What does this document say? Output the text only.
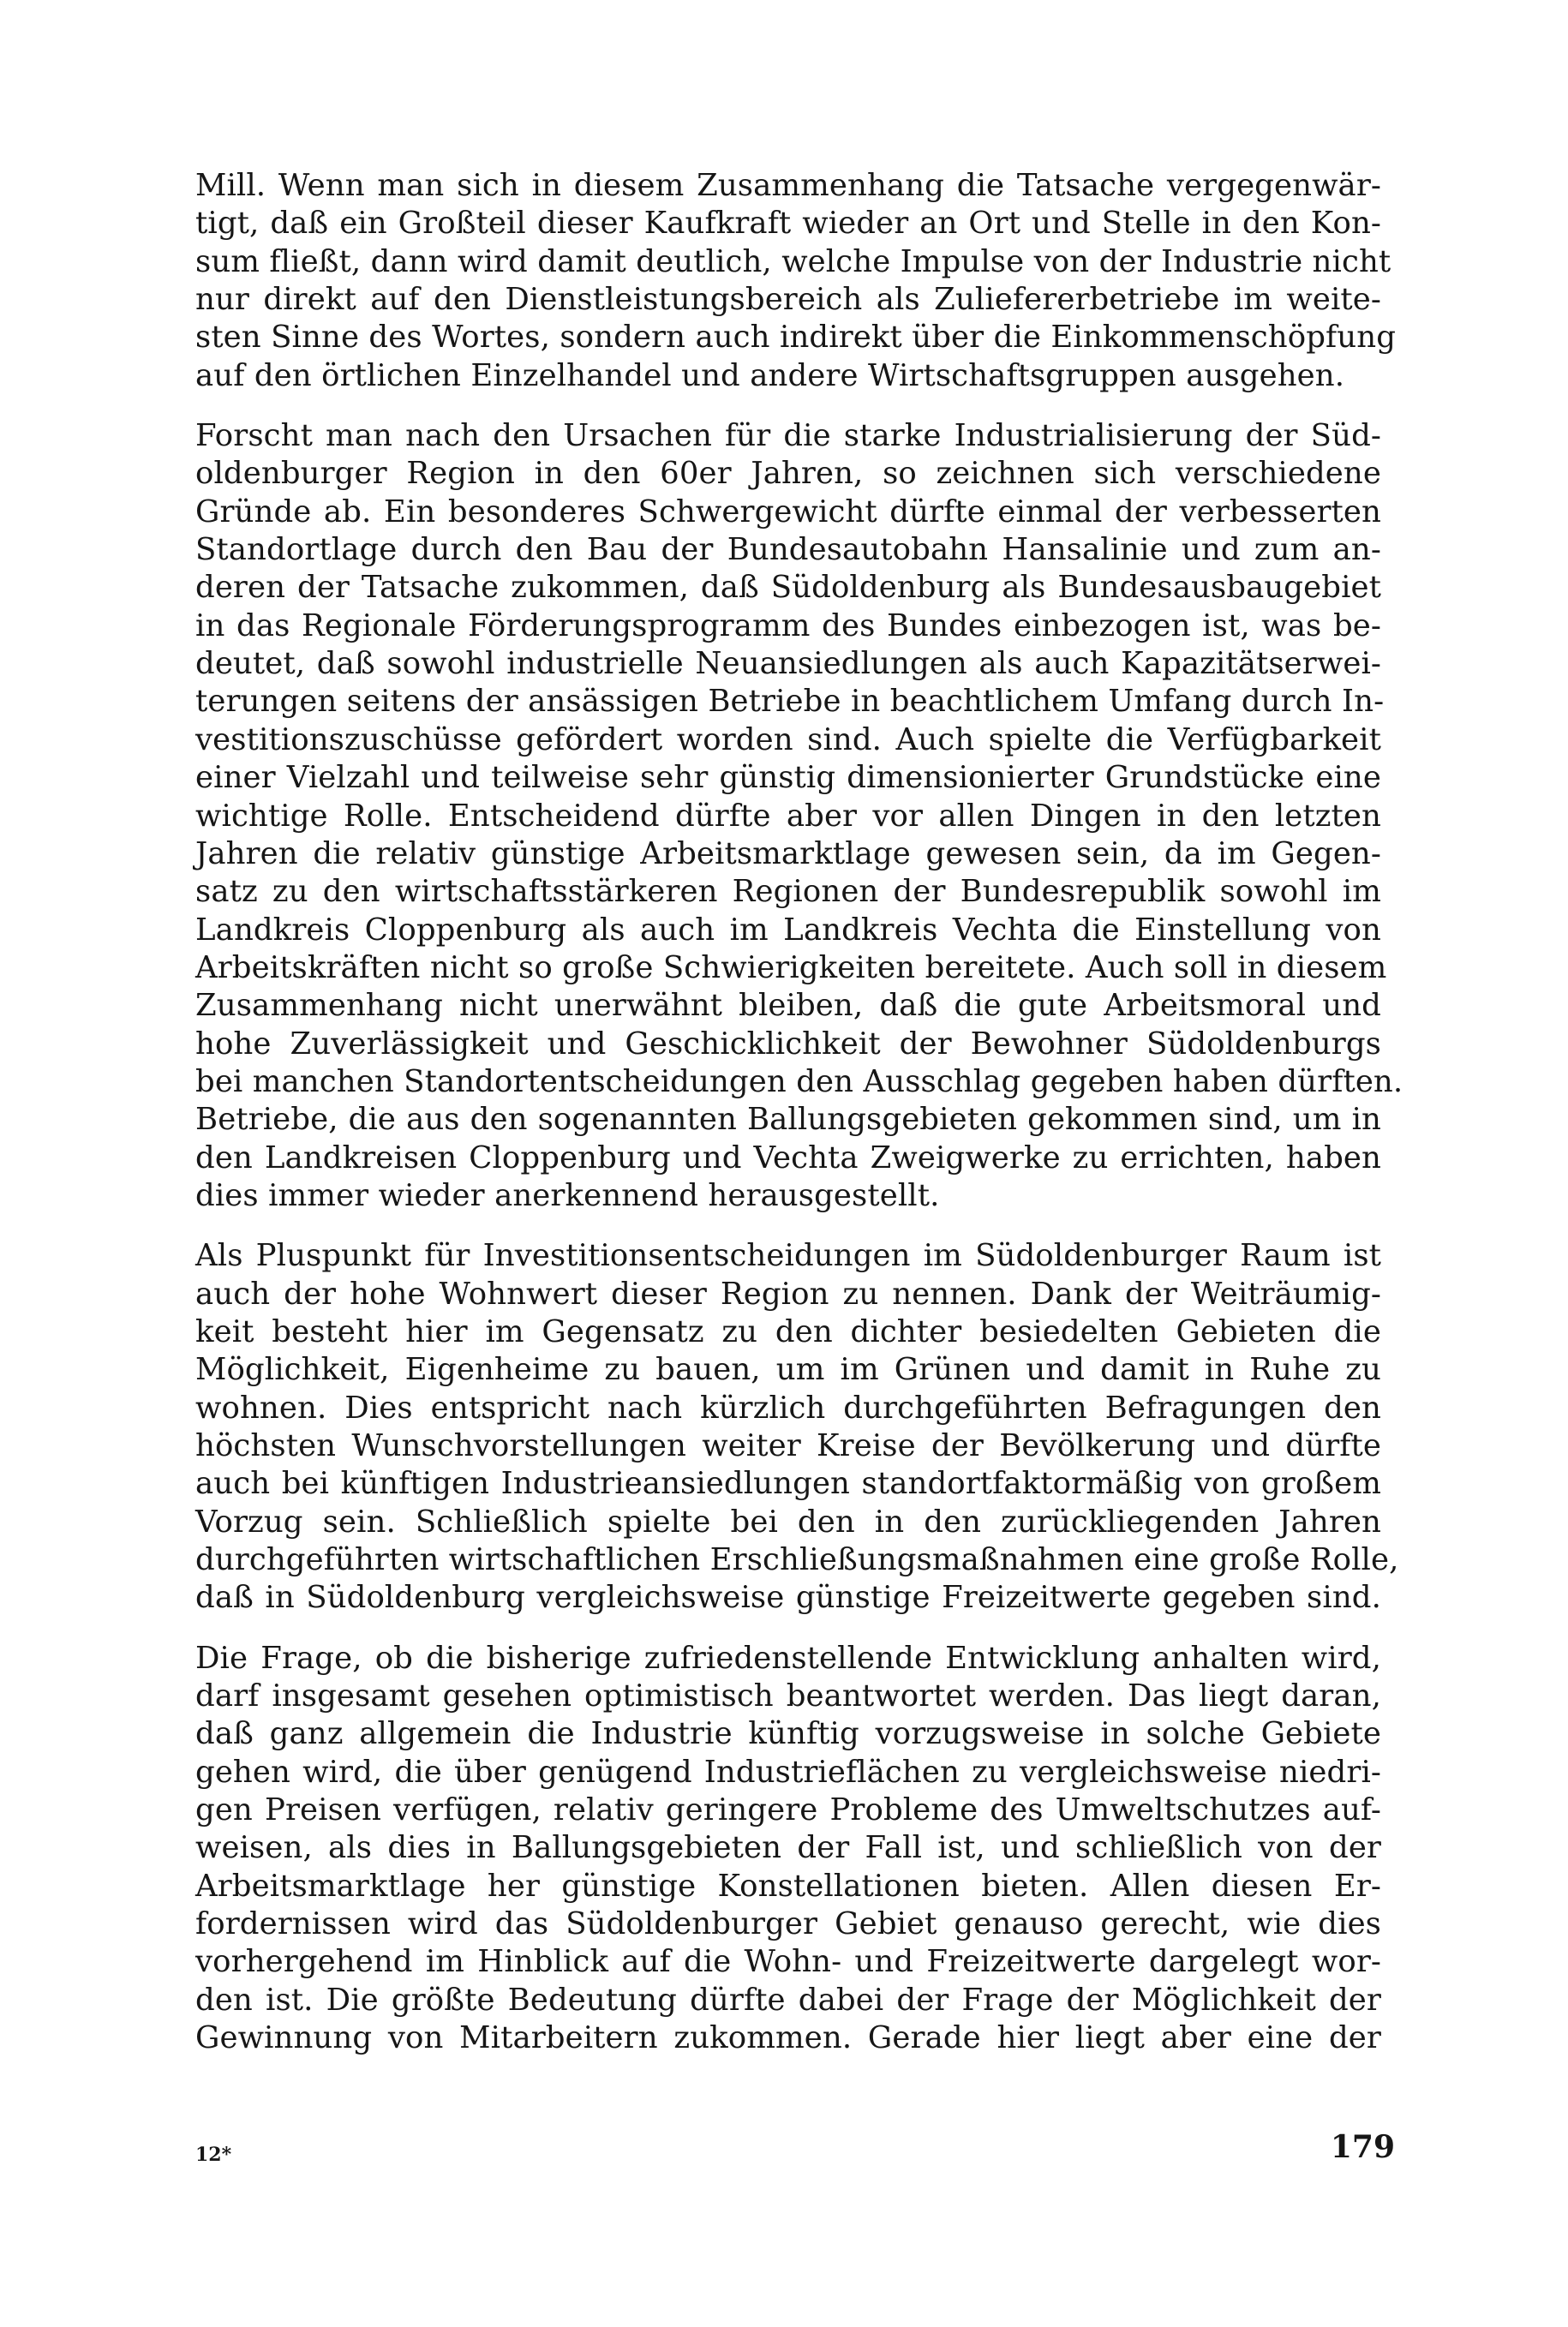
Mill. Wenn man sich in diesem Zusammenhang die Tatsache vergegenwär-
tigt, daß ein Großteil dieser Kaufkraft wieder an Ort und Stelle in den Kon-
sum fließt, dann wird damit deutlich, welche Impulse von der Industrie nicht
nur direkt auf den Dienstleistungsbereich als Zuliefererbetriebe im weite-
sten Sinne des Wortes, sondern auch indirekt über die Einkommenschöpfung
auf den örtlichen Einzelhandel und andere Wirtschaftsgruppen ausgehen.
Forscht man nach den Ursachen für die starke Industrialisierung der Süd-
oldenburger Region in den 60er Jahren, so zeichnen sich verschiedene
Gründe ab. Ein besonderes Schwergewicht dürfte einmal der verbesserten
Standortlage durch den Bau der Bundesautobahn Hansalinie und zum an-
deren der Tatsache zukommen, daß Südoldenburg als Bundesausbaugebiet
in das Regionale Förderungsprogramm des Bundes einbezogen ist, was be-
deutet, daß sowohl industrielle Neuansiedlungen als auch Kapazitätserwei-
terungen seitens der ansässigen Betriebe in beachtlichem Umfang durch In-
vestitionszuschüsse gefördert worden sind. Auch spielte die Verfügbarkeit
einer Vielzahl und teilweise sehr günstig dimensionierter Grundstücke eine
wichtige Rolle. Entscheidend dürfte aber vor allen Dingen in den letzten
Jahren die relativ günstige Arbeitsmarktlage gewesen sein, da im Gegen-
satz zu den wirtschaftsstärkeren Regionen der Bundesrepublik sowohl im
Landkreis Cloppenburg als auch im Landkreis Vechta die Einstellung von
Arbeitskräften nicht so große Schwierigkeiten bereitete. Auch soll in diesem
Zusammenhang nicht unerwähnt bleiben, daß die gute Arbeitsmoral und
hohe Zuverlässigkeit und Geschicklichkeit der Bewohner Südoldenburgs
bei manchen Standortentscheidungen den Ausschlag gegeben haben dürften.
Betriebe, die aus den sogenannten Ballungsgebieten gekommen sind, um in
den Landkreisen Cloppenburg und Vechta Zweigwerke zu errichten, haben
dies immer wieder anerkennend herausgestellt.
Als Pluspunkt für Investitionsentscheidungen im Südoldenburger Raum ist
auch der hohe Wohnwert dieser Region zu nennen. Dank der Weiträumig-
keit besteht hier im Gegensatz zu den dichter besiedelten Gebieten die
Möglichkeit, Eigenheime zu bauen, um im Grünen und damit in Ruhe zu
wohnen. Dies entspricht nach kürzlich durchgeführten Befragungen den
höchsten Wunschvorstellungen weiter Kreise der Bevölkerung und dürfte
auch bei künftigen Industrieansiedlungen standortfaktormäßig von großem
Vorzug sein. Schließlich spielte bei den in den zurückliegenden Jahren
durchgeführten wirtschaftlichen Erschließungsmaßnahmen eine große Rolle,
daß in Südoldenburg vergleichsweise günstige Freizeitwerte gegeben sind.
Die Frage, ob die bisherige zufriedenstellende Entwicklung anhalten wird,
darf insgesamt gesehen optimistisch beantwortet werden. Das liegt daran,
daß ganz allgemein die Industrie künftig vorzugsweise in solche Gebiete
gehen wird, die über genügend Industrieflächen zu vergleichsweise niedri-
gen Preisen verfügen, relativ geringere Probleme des Umweltschutzes auf-
weisen, als dies in Ballungsgebieten der Fall ist, und schließlich von der
Arbeitsmarktlage her günstige Konstellationen bieten. Allen diesen Er-
fordernissen wird das Südoldenburger Gebiet genauso gerecht, wie dies
vorhergehend im Hinblick auf die Wohn- und Freizeitwerte dargelegt wor-
den ist. Die größte Bedeutung dürfte dabei der Frage der Möglichkeit der
Gewinnung von Mitarbeitern zukommen. Gerade hier liegt aber eine der
12*	179
